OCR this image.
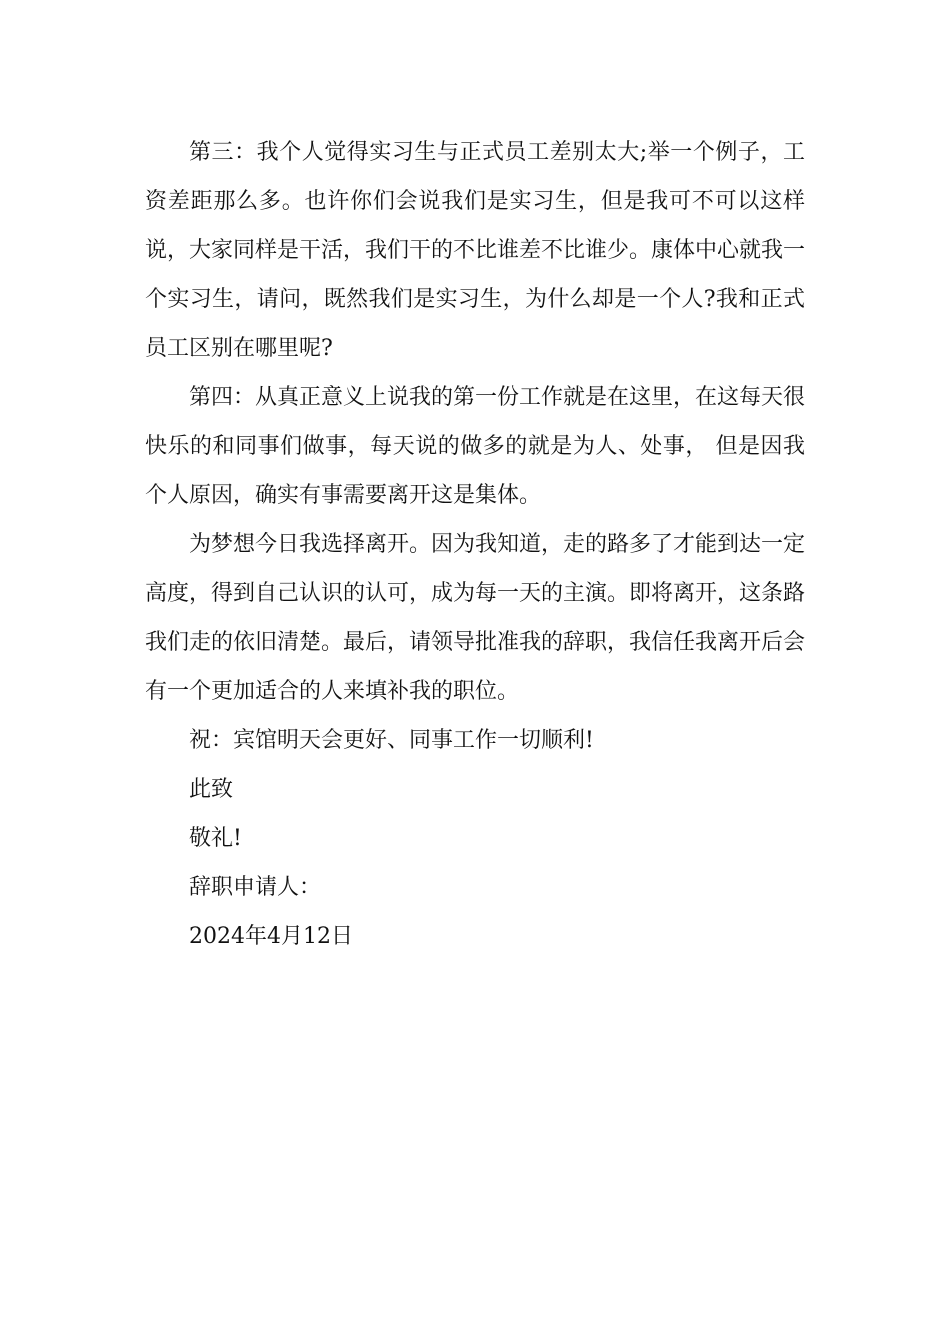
第三：我个人觉得实习生与正式员工差别太大;举一个例子，工资差距那么多。也许你们会说我们是实习生，但是我可不可以这样说，大家同样是干活，我们干的不比谁差不比谁少。康体中心就我一个实习生，请问，既然我们是实习生，为什么却是一个人?我和正式员工区别在哪里呢?

第四：从真正意义上说我的第一份工作就是在这里，在这每天很快乐的和同事们做事，每天说的做多的就是为人、处事， 但是因我个人原因，确实有事需要离开这是集体。

为梦想今日我选择离开。因为我知道，走的路多了才能到达一定高度，得到自己认识的认可，成为每一天的主演。即将离开，这条路我们走的依旧清楚。最后，请领导批准我的辞职，我信任我离开后会有一个更加适合的人来填补我的职位。

祝：宾馆明天会更好、同事工作一切顺利!

此致

敬礼!

辞职申请人：

2024年4月12日
